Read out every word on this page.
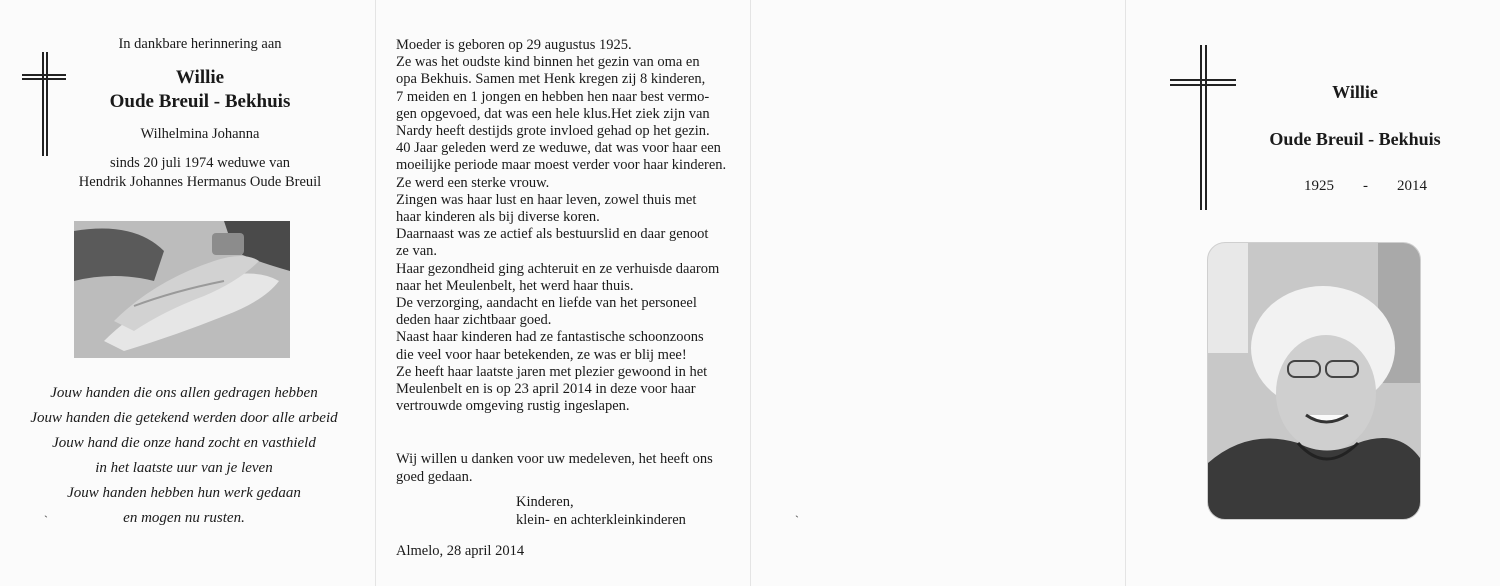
In dankbare herinnering aan
Willie
Oude Breuil - Bekhuis
Wilhelmina Johanna
sinds 20 juli 1974 weduwe van
Hendrik Johannes Hermanus Oude Breuil
Jouw handen die ons allen gedragen hebben
Jouw handen die getekend werden door alle arbeid
Jouw hand die onze hand zocht en vasthield
in het laatste uur van je leven
Jouw handen hebben hun werk gedaan
en mogen nu rusten.
Moeder is geboren op 29 augustus 1925.
Ze was het oudste kind binnen het gezin van oma en
opa Bekhuis. Samen met Henk kregen zij 8 kinderen,
7 meiden en 1 jongen en hebben hen naar best vermo-
gen opgevoed, dat was een hele klus.Het ziek zijn van
Nardy heeft destijds grote invloed gehad op het gezin.
40 Jaar geleden werd ze weduwe, dat was voor haar een
moeilijke periode maar moest verder voor haar kinderen.
Ze werd een sterke vrouw.
Zingen was haar lust en haar leven, zowel thuis met
haar kinderen als bij diverse koren.
Daarnaast was ze actief als bestuurslid en daar genoot
ze van.
Haar gezondheid ging achteruit en ze verhuisde daarom
naar het Meulenbelt, het werd haar thuis.
De verzorging, aandacht en liefde van het personeel
deden haar zichtbaar goed.
Naast haar kinderen had ze fantastische schoonzoons
die veel voor haar betekenden, ze was er blij mee!
Ze heeft haar laatste jaren met plezier gewoond in het
Meulenbelt en is op 23 april 2014 in deze voor haar
vertrouwde omgeving rustig ingeslapen.
Wij willen u danken voor uw medeleven, het heeft ons
goed gedaan.
Kinderen,
klein- en achterkleinkinderen
Almelo, 28 april 2014
Willie
Oude Breuil - Bekhuis
1925 - 2014
ˏ	ˏ
